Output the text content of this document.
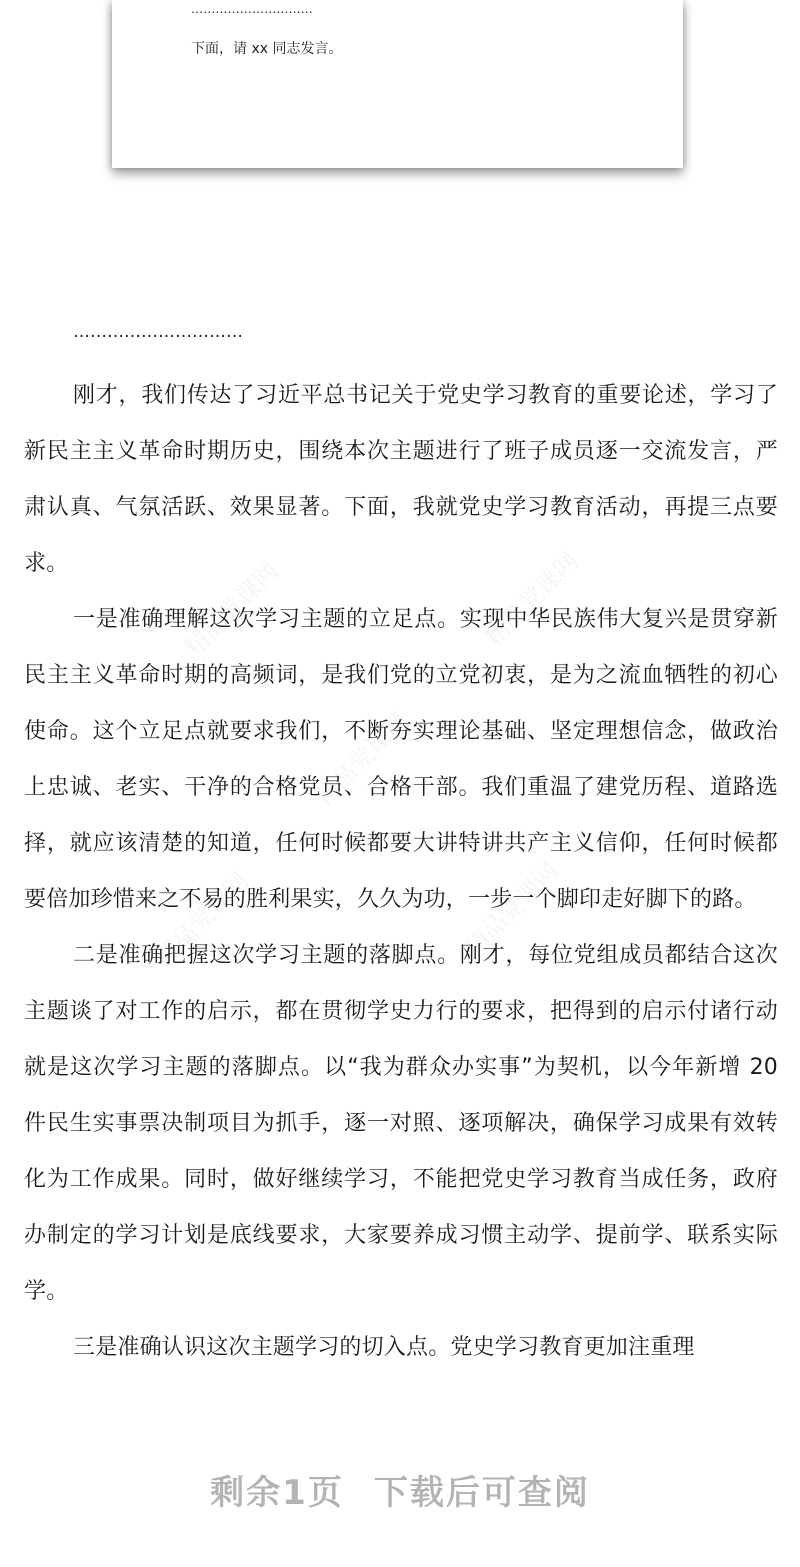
…………………………
下面，请 xx 同志发言。
精品党课网	精品党课网
精品党课网
精品党课网	精品党课网
…………………………

刚才，我们传达了习近平总书记关于党史学习教育的重要论述，学习了新民主主义革命时期历史，围绕本次主题进行了班子成员逐一交流发言，严肃认真、气氛活跃、效果显著。下面，我就党史学习教育活动，再提三点要求。

一是准确理解这次学习主题的立足点。实现中华民族伟大复兴是贯穿新民主主义革命时期的高频词，是我们党的立党初衷，是为之流血牺牲的初心使命。这个立足点就要求我们，不断夯实理论基础、坚定理想信念，做政治上忠诚、老实、干净的合格党员、合格干部。我们重温了建党历程、道路选择，就应该清楚的知道，任何时候都要大讲特讲共产主义信仰，任何时候都要倍加珍惜来之不易的胜利果实，久久为功，一步一个脚印走好脚下的路。

二是准确把握这次学习主题的落脚点。刚才，每位党组成员都结合这次主题谈了对工作的启示，都在贯彻学史力行的要求，把得到的启示付诸行动就是这次学习主题的落脚点。以“我为群众办实事”为契机，以今年新增 20 件民生实事票决制项目为抓手，逐一对照、逐项解决，确保学习成果有效转化为工作成果。同时，做好继续学习，不能把党史学习教育当成任务，政府办制定的学习计划是底线要求，大家要养成习惯主动学、提前学、联系实际学。

三是准确认识这次主题学习的切入点。党史学习教育更加注重理

剩余1页 下载后可查阅
